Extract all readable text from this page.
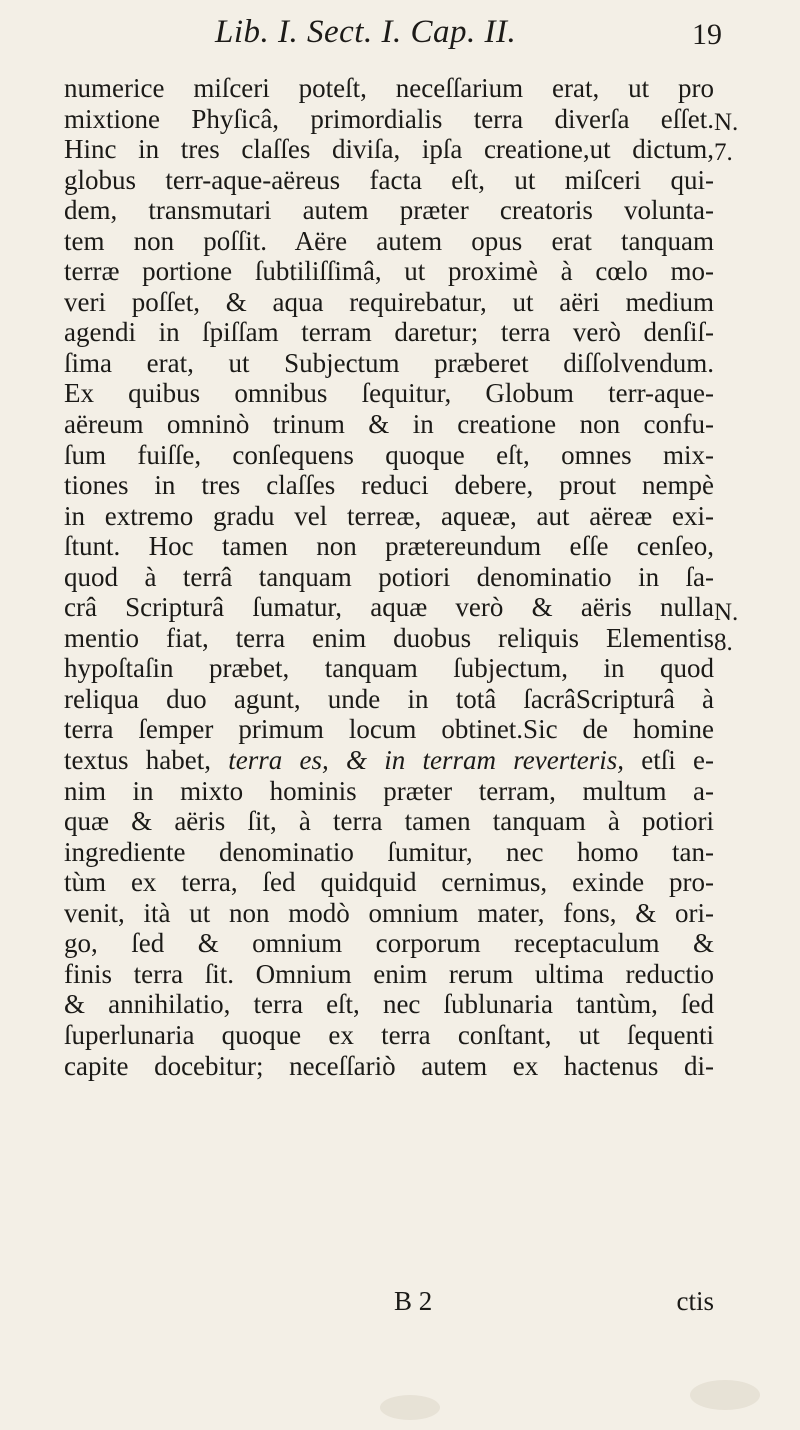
Lib. I. Sect. I. Cap. II.	19
numerice miſceri poteſt, neceſſarium erat, ut pro
mixtione Phyſicâ, primordialis terra diverſa eſſet.
Hinc in tres claſſes diviſa, ipſa creatione,ut dictum,
globus terr-aque-aëreus facta eſt, ut miſceri qui-
dem, transmutari autem præter creatoris volunta-
tem non poſſit. Aëre autem opus erat tanquam
terræ portione ſubtiliſſimâ, ut proximè à cœlo mo-
veri poſſet, & aqua requirebatur, ut aëri medium
agendi in ſpiſſam terram daretur; terra verò denſiſ-
ſima erat, ut Subjectum præberet diſſolvendum.
Ex quibus omnibus ſequitur, Globum terr-aque-
aëreum omninò trinum & in creatione non confu-
ſum fuiſſe, conſequens quoque eſt, omnes mix-
tiones in tres claſſes reduci debere, prout nempè
in extremo gradu vel terreæ, aqueæ, aut aëreæ exi-
ſtunt. Hoc tamen non prætereundum eſſe cenſeo,
quod à terrâ tanquam potiori denominatio in ſa-
crâ Scripturâ ſumatur, aquæ verò & aëris nulla
mentio fiat, terra enim duobus reliquis Elementis
hypoſtaſin præbet, tanquam ſubjectum, in quod
reliqua duo agunt, unde in totâ ſacrâScripturâ à
terra ſemper primum locum obtinet.Sic de homine
textus habet, terra es, & in terram reverteris, etſi e-
nim in mixto hominis præter terram, multum a-
quæ & aëris ſit, à terra tamen tanquam à potiori
ingrediente denominatio ſumitur, nec homo tan-
tùm ex terra, ſed quidquid cernimus, exinde pro-
venit, ità ut non modò omnium mater, fons, & ori-
go, ſed & omnium corporum receptaculum &
finis terra ſit. Omnium enim rerum ultima reductio
& annihilatio, terra eſt, nec ſublunaria tantùm, ſed
ſuperlunaria quoque ex terra conſtant, ut ſequenti
capite docebitur; neceſſariò autem ex hactenus di-
N.
7.
N.
8.
B 2	ctis
